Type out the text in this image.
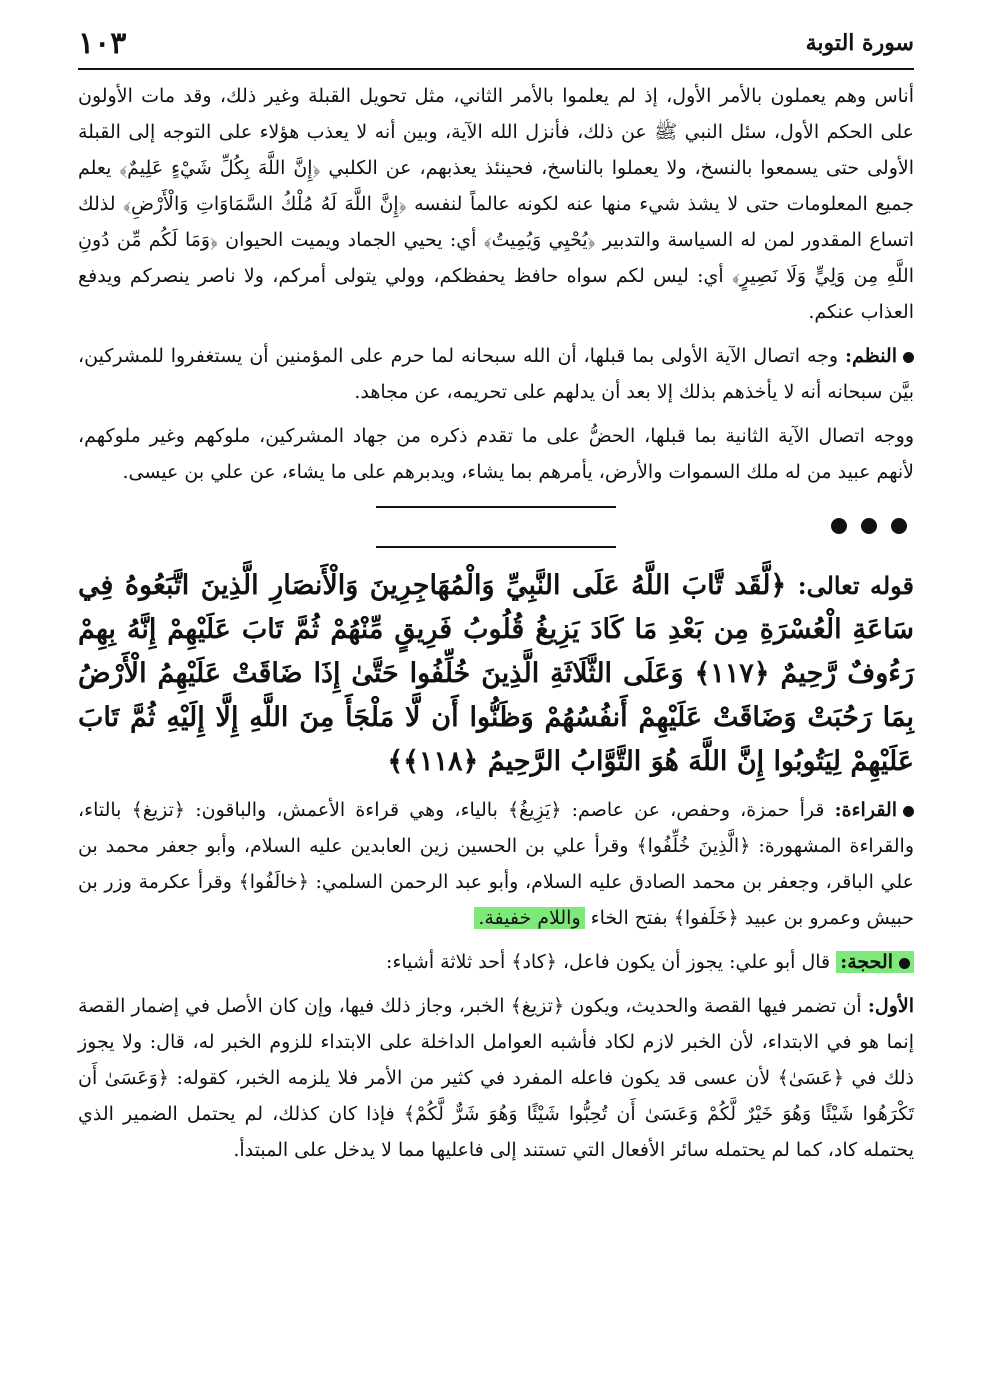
سورة التوبة
١٠٣

أناس وهم يعملون بالأمر الأول، إذ لم يعلموا بالأمر الثاني، مثل تحويل القبلة وغير ذلك، وقد مات الأولون على الحكم الأول، سئل النبي ﷺ عن ذلك، فأنزل الله الآية، وبين أنه لا يعذب هؤلاء على التوجه إلى القبلة الأولى حتى يسمعوا بالنسخ، ولا يعملوا بالناسخ، فحينئذ يعذبهم، عن الكلبي ﴿إِنَّ اللَّهَ بِكُلِّ شَيْءٍ عَلِيمٌ﴾ يعلم جميع المعلومات حتى لا يشذ شيء منها عنه لكونه عالماً لنفسه ﴿إِنَّ اللَّهَ لَهُ مُلْكُ السَّمَاوَاتِ وَالْأَرْضِ﴾ لذلك اتساع المقدور لمن له السياسة والتدبير ﴿يُحْيِي وَيُمِيتُ﴾ أي: يحيي الجماد ويميت الحيوان ﴿وَمَا لَكُم مِّن دُونِ اللَّهِ مِن وَلِيٍّ وَلَا نَصِيرٍ﴾ أي: ليس لكم سواه حافظ يحفظكم، وولي يتولى أمركم، ولا ناصر ينصركم ويدفع العذاب عنكم.

النظم: وجه اتصال الآية الأولى بما قبلها، أن الله سبحانه لما حرم على المؤمنين أن يستغفروا للمشركين، بيَّن سبحانه أنه لا يأخذهم بذلك إلا بعد أن يدلهم على تحريمه، عن مجاهد.

ووجه اتصال الآية الثانية بما قبلها، الحضُّ على ما تقدم ذكره من جهاد المشركين، ملوكهم وغير ملوكهم، لأنهم عبيد من له ملك السموات والأرض، يأمرهم بما يشاء، ويدبرهم على ما يشاء، عن علي بن عيسى.

قوله تعالى: ﴿لَّقَد تَّابَ اللَّهُ عَلَى النَّبِيِّ وَالْمُهَاجِرِينَ وَالْأَنصَارِ الَّذِينَ اتَّبَعُوهُ فِي سَاعَةِ الْعُسْرَةِ مِن بَعْدِ مَا كَادَ يَزِيغُ قُلُوبُ فَرِيقٍ مِّنْهُمْ ثُمَّ تَابَ عَلَيْهِمْ إِنَّهُ بِهِمْ رَءُوفٌ رَّحِيمٌ ﴿١١٧﴾ وَعَلَى الثَّلَاثَةِ الَّذِينَ خُلِّفُوا حَتَّىٰ إِذَا ضَاقَتْ عَلَيْهِمُ الْأَرْضُ بِمَا رَحُبَتْ وَضَاقَتْ عَلَيْهِمْ أَنفُسُهُمْ وَظَنُّوا أَن لَّا مَلْجَأَ مِنَ اللَّهِ إِلَّا إِلَيْهِ ثُمَّ تَابَ عَلَيْهِمْ لِيَتُوبُوا إِنَّ اللَّهَ هُوَ التَّوَّابُ الرَّحِيمُ ﴿١١٨﴾﴾

القراءة: قرأ حمزة، وحفص، عن عاصم: ﴿يَزِيغُ﴾ بالياء، وهي قراءة الأعمش، والباقون: ﴿تزيغ﴾ بالتاء، والقراءة المشهورة: ﴿الَّذِينَ خُلِّفُوا﴾ وقرأ علي بن الحسين زين العابدين عليه السلام، وأبو جعفر محمد بن علي الباقر، وجعفر بن محمد الصادق عليه السلام، وأبو عبد الرحمن السلمي: ﴿خالَفُوا﴾ وقرأ عكرمة وزر بن حبيش وعمرو بن عبيد ﴿خَلَفوا﴾ بفتح الخاء واللام خفيفة.

الحجة: قال أبو علي: يجوز أن يكون فاعل، ﴿كاد﴾ أحد ثلاثة أشياء:

الأول: أن تضمر فيها القصة والحديث، ويكون ﴿تزيغ﴾ الخبر، وجاز ذلك فيها، وإن كان الأصل في إضمار القصة إنما هو في الابتداء، لأن الخبر لازم لكاد فأشبه العوامل الداخلة على الابتداء للزوم الخبر له، قال: ولا يجوز ذلك في ﴿عَسَىٰ﴾ لأن عسى قد يكون فاعله المفرد في كثير من الأمر فلا يلزمه الخبر، كقوله: ﴿وَعَسَىٰ أَن تَكْرَهُوا شَيْئًا وَهُوَ خَيْرٌ لَّكُمْ وَعَسَىٰ أَن تُحِبُّوا شَيْئًا وَهُوَ شَرٌّ لَّكُمْ﴾ فإذا كان كذلك، لم يحتمل الضمير الذي يحتمله كاد، كما لم يحتمله سائر الأفعال التي تستند إلى فاعليها مما لا يدخل على المبتدأ.
